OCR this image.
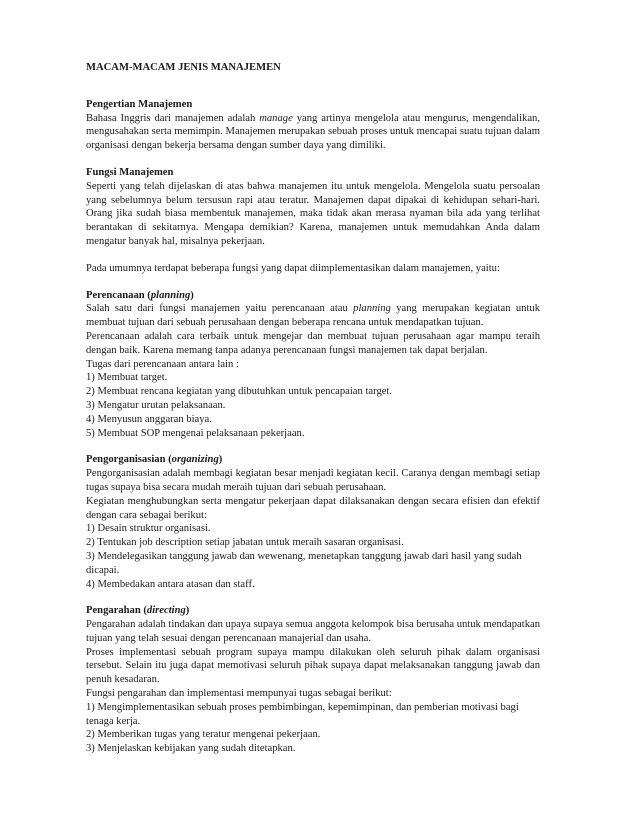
MACAM-MACAM JENIS MANAJEMEN

Pengertian Manajemen

Bahasa Inggris dari manajemen adalah manage yang artinya mengelola atau mengurus, mengendalikan, mengusahakan serta memimpin. Manajemen merupakan sebuah proses untuk mencapai suatu tujuan dalam organisasi dengan bekerja bersama dengan sumber daya yang dimiliki.

Fungsi Manajemen

Seperti yang telah dijelaskan di atas bahwa manajemen itu untuk mengelola. Mengelola suatu persoalan yang sebelumnya belum tersusun rapi atau teratur. Manajemen dapat dipakai di kehidupan sehari-hari. Orang jika sudah biasa membentuk manajemen, maka tidak akan merasa nyaman bila ada yang terlihat berantakan di sekitarnya. Mengapa demikian? Karena, manajemen untuk memudahkan Anda dalam mengatur banyak hal, misalnya pekerjaan.

Pada umumnya terdapat beberapa fungsi yang dapat diimplementasikan dalam manajemen, yaitu:

Perencanaan (planning)

Salah satu dari fungsi manajemen yaitu perencanaan atau planning yang merupakan kegiatan untuk membuat tujuan dari sebuah perusahaan dengan beberapa rencana untuk mendapatkan tujuan.

Perencanaan adalah cara terbaik untuk mengejar dan membuat tujuan perusahaan agar mampu teraih dengan baik. Karena memang tanpa adanya perencanaan fungsi manajemen tak dapat berjalan.

Tugas dari perencanaan antara lain :

1) Membuat target.
2) Membuat rencana kegiatan yang dibutuhkan untuk pencapaian target.
3) Mengatur urutan pelaksanaan.
4) Menyusun anggaran biaya.
5) Membuat SOP mengenai pelaksanaan pekerjaan.

Pengorganisasian (organizing)

Pengorganisasian adalah membagi kegiatan besar menjadi kegiatan kecil. Caranya dengan membagi setiap tugas supaya bisa secara mudah meraih tujuan dari sebuah perusahaan.

Kegiatan menghubungkan serta mengatur pekerjaan dapat dilaksanakan dengan secara efisien dan efektif dengan cara sebagai berikut:

1) Desain struktur organisasi.
2) Tentukan job description setiap jabatan untuk meraih sasaran organisasi.
3) Mendelegasikan tanggung jawab dan wewenang, menetapkan tanggung jawab dari hasil yang sudah dicapai.
4) Membedakan antara atasan dan staff.

Pengarahan (directing)

Pengarahan adalah tindakan dan upaya supaya semua anggota kelompok bisa berusaha untuk mendapatkan tujuan yang telah sesuai dengan perencanaan manajerial dan usaha.

Proses implementasi sebuah program supaya mampu dilakukan oleh seluruh pihak dalam organisasi tersebut. Selain itu juga dapat memotivasi seluruh pihak supaya dapat melaksanakan tanggung jawab dan penuh kesadaran.

Fungsi pengarahan dan implementasi mempunyai tugas sebagai berikut:

1) Mengimplementasikan sebuah proses pembimbingan, kepemimpinan, dan pemberian motivasi bagi tenaga kerja.
2) Memberikan tugas yang teratur mengenai pekerjaan.
3) Menjelaskan kebijakan yang sudah ditetapkan.
